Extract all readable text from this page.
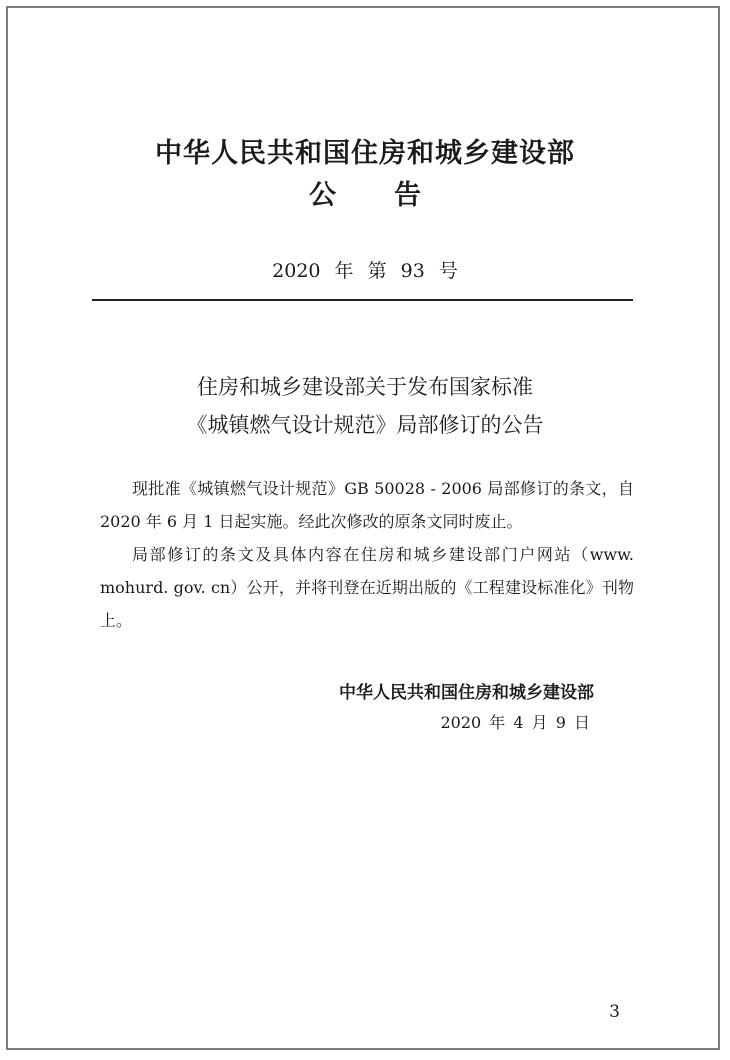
中华人民共和国住房和城乡建设部
公告
2020 年 第 93 号
住房和城乡建设部关于发布国家标准
《城镇燃气设计规范》局部修订的公告

现批准《城镇燃气设计规范》GB 50028 - 2006 局部修订的条文，自 2020 年 6 月 1 日起实施。经此次修改的原条文同时废止。

局部修订的条文及具体内容在住房和城乡建设部门户网站（www. mohurd. gov. cn）公开，并将刊登在近期出版的《工程建设标准化》刊物上。

中华人民共和国住房和城乡建设部
2020 年 4 月 9 日
3
